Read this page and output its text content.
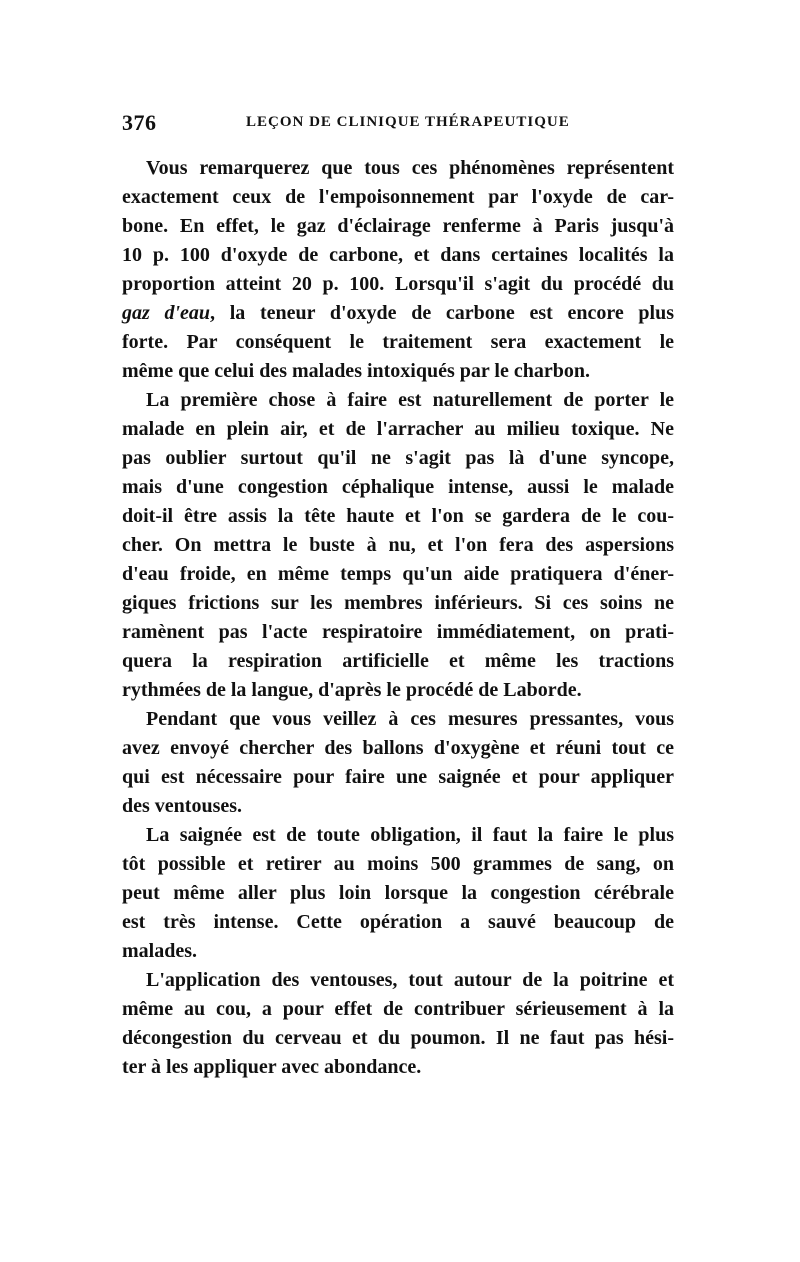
376	LEÇON DE CLINIQUE THÉRAPEUTIQUE
Vous remarquerez que tous ces phénomènes représentent
exactement ceux de l'empoisonnement par l'oxyde de car-
bone. En effet, le gaz d'éclairage renferme à Paris jusqu'à
10 p. 100 d'oxyde de carbone, et dans certaines localités la
proportion atteint 20 p. 100. Lorsqu'il s'agit du procédé du
gaz d'eau, la teneur d'oxyde de carbone est encore plus
forte. Par conséquent le traitement sera exactement le
même que celui des malades intoxiqués par le charbon.
La première chose à faire est naturellement de porter le
malade en plein air, et de l'arracher au milieu toxique. Ne
pas oublier surtout qu'il ne s'agit pas là d'une syncope,
mais d'une congestion céphalique intense, aussi le malade
doit-il être assis la tête haute et l'on se gardera de le cou-
cher. On mettra le buste à nu, et l'on fera des aspersions
d'eau froide, en même temps qu'un aide pratiquera d'éner-
giques frictions sur les membres inférieurs. Si ces soins ne
ramènent pas l'acte respiratoire immédiatement, on prati-
quera la respiration artificielle et même les tractions
rythmées de la langue, d'après le procédé de Laborde.
Pendant que vous veillez à ces mesures pressantes, vous
avez envoyé chercher des ballons d'oxygène et réuni tout ce
qui est nécessaire pour faire une saignée et pour appliquer
des ventouses.
La saignée est de toute obligation, il faut la faire le plus
tôt possible et retirer au moins 500 grammes de sang, on
peut même aller plus loin lorsque la congestion cérébrale
est très intense. Cette opération a sauvé beaucoup de
malades.
L'application des ventouses, tout autour de la poitrine et
même au cou, a pour effet de contribuer sérieusement à la
décongestion du cerveau et du poumon. Il ne faut pas hési-
ter à les appliquer avec abondance.
